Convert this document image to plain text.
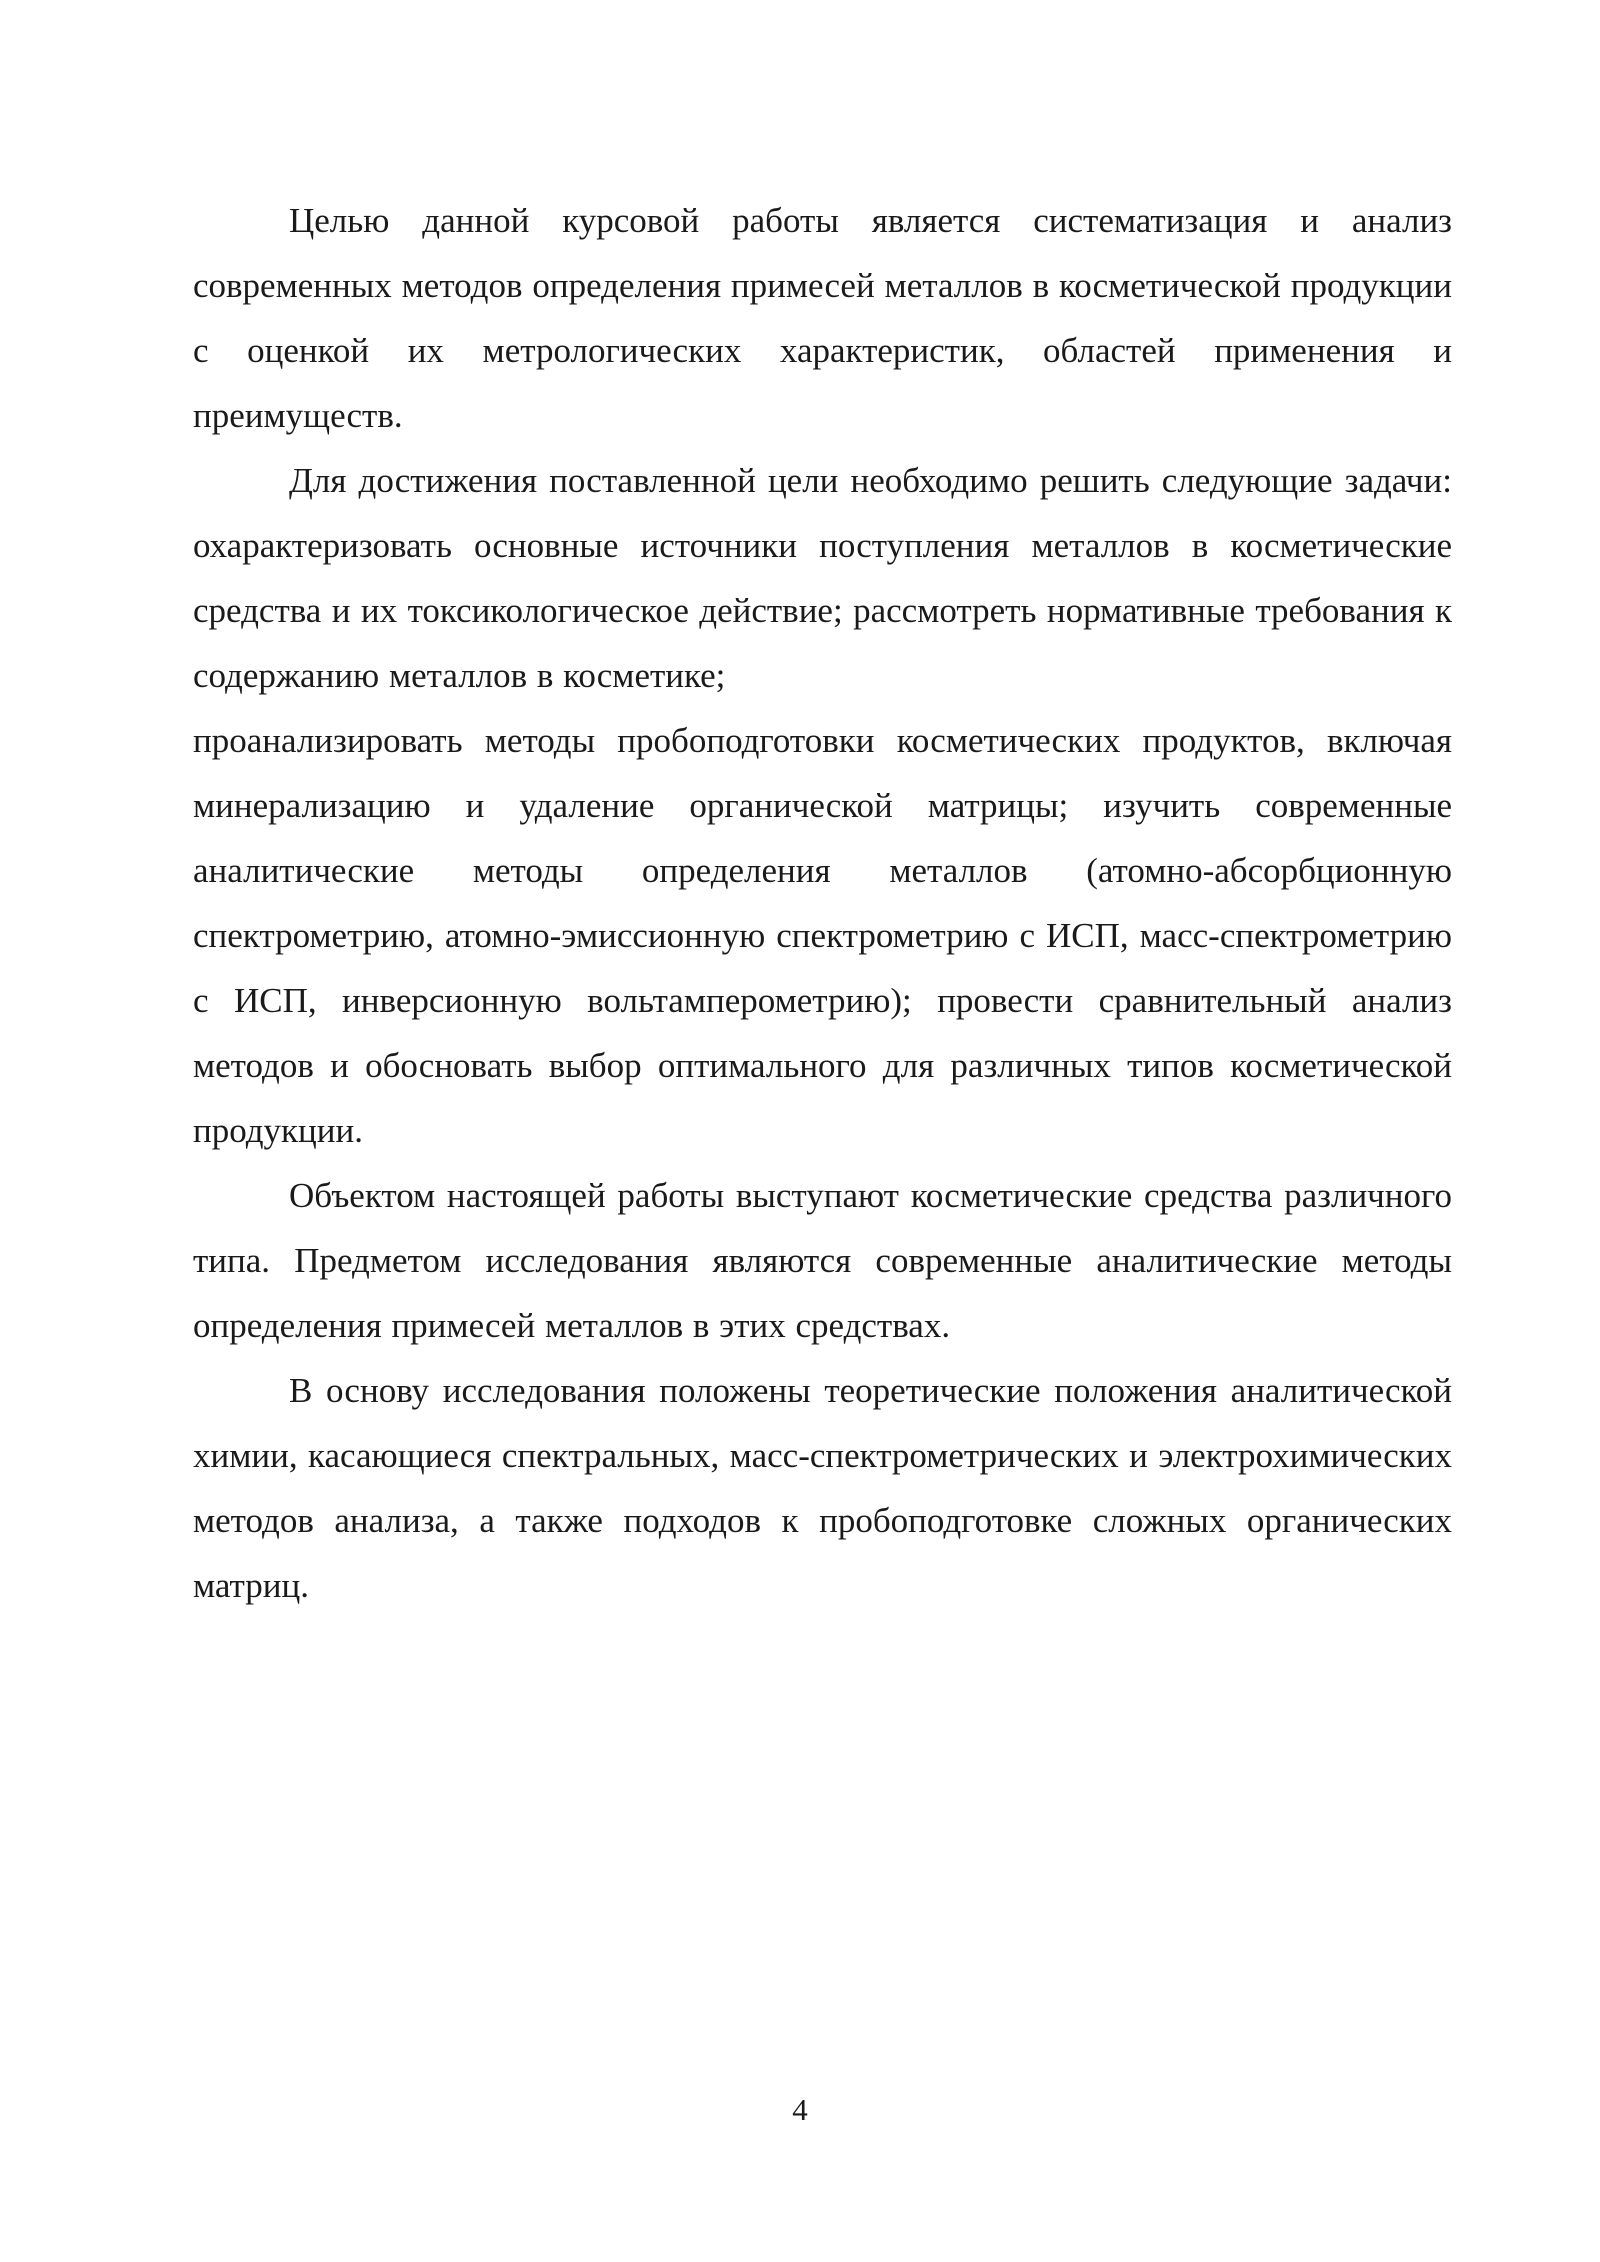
Целью данной курсовой работы является систематизация и анализ современных методов определения примесей металлов в косметической продукции с оценкой их метрологических характеристик, областей применения и преимуществ.

Для достижения поставленной цели необходимо решить следующие задачи: охарактеризовать основные источники поступления металлов в косметические средства и их токсикологическое действие; рассмотреть нормативные требования к содержанию металлов в косметике;

проанализировать методы пробоподготовки косметических продуктов, включая минерализацию и удаление органической матрицы; изучить современные аналитические методы определения металлов (атомно-абсорбционную спектрометрию, атомно-эмиссионную спектрометрию с ИСП, масс-спектрометрию с ИСП, инверсионную вольтамперометрию); провести сравнительный анализ методов и обосновать выбор оптимального для различных типов косметической продукции.

Объектом настоящей работы выступают косметические средства различного типа. Предметом исследования являются современные аналитические методы определения примесей металлов в этих средствах.

В основу исследования положены теоретические положения аналитической химии, касающиеся спектральных, масс-спектрометрических и электрохимических методов анализа, а также подходов к пробоподготовке сложных органических матриц.

4
